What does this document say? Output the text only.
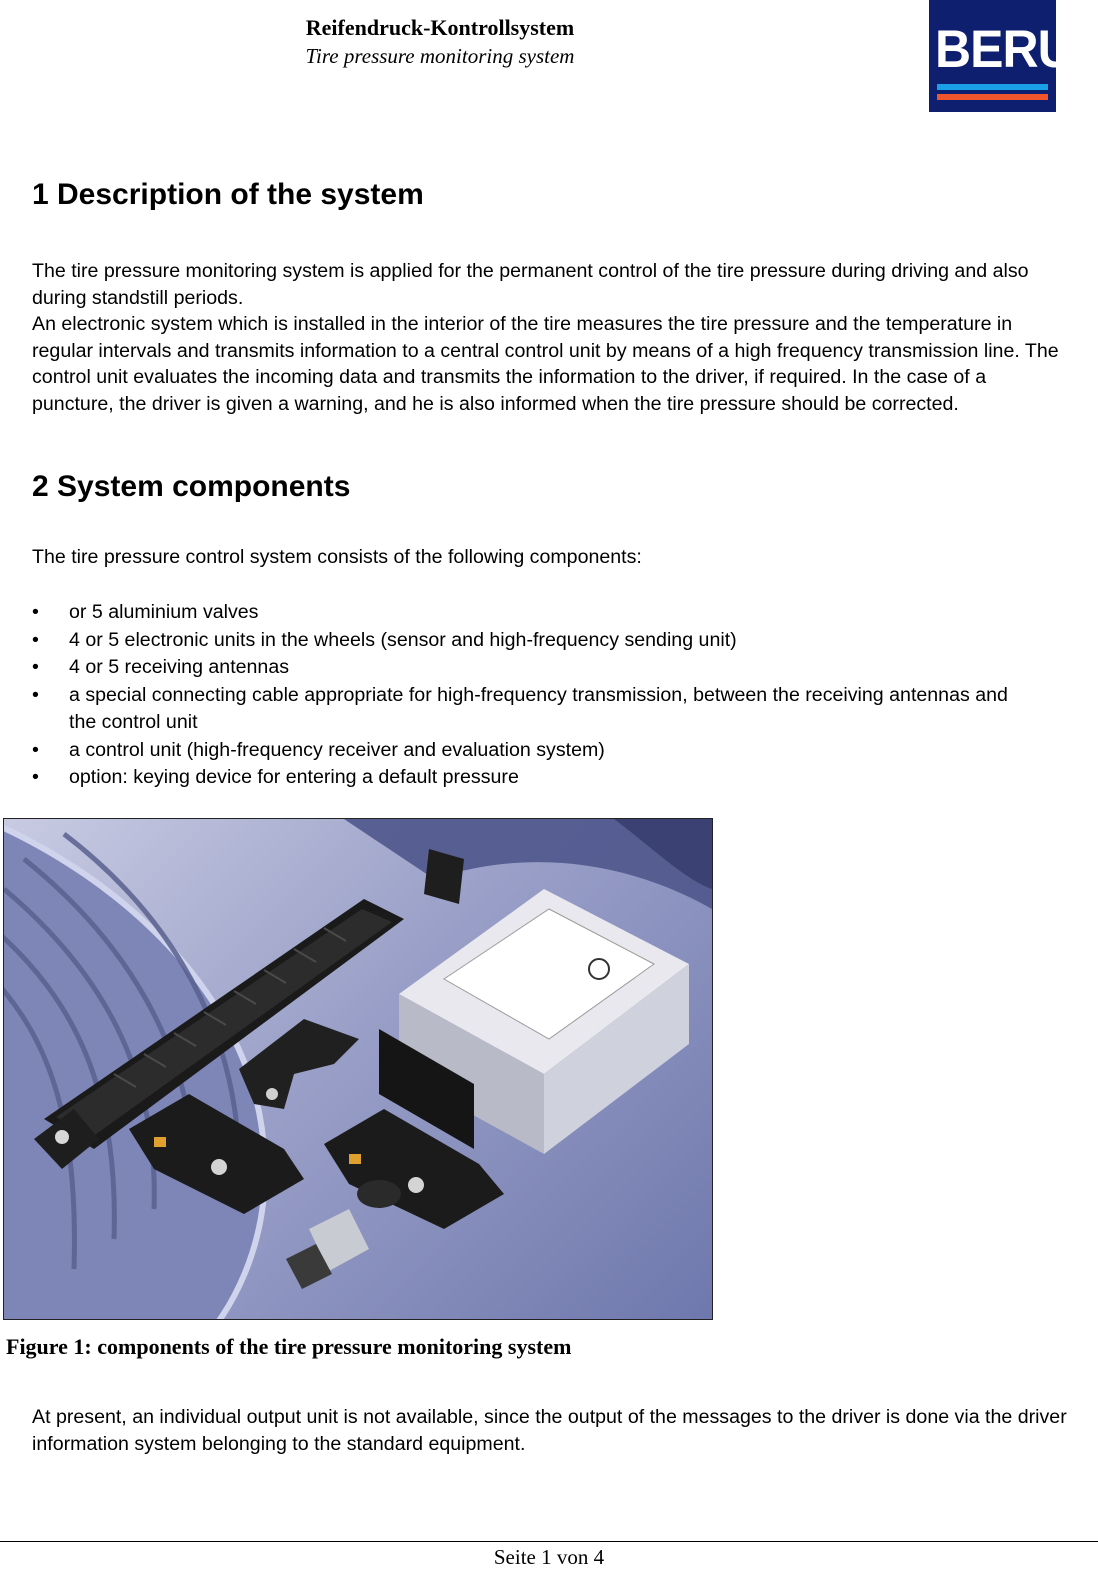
Reifendruck-Kontrollsystem
Tire pressure monitoring system	BERU
1 Description of the system

The tire pressure monitoring system is applied for the permanent control of the tire pressure during driving and also during standstill periods.
An electronic system which is installed in the interior of the tire measures the tire pressure and the temperature in regular intervals and transmits information to a central control unit by means of a high frequency transmission line. The control unit evaluates the incoming data and transmits the information to the driver, if required. In the case of a puncture, the driver is given a warning, and he is also informed when the tire pressure should be corrected.

2 System components

The tire pressure control system consists of the following components:

• or 5 aluminium valves
• 4 or 5 electronic units in the wheels (sensor and high-frequency sending unit)
• 4 or 5 receiving antennas
• a special connecting cable appropriate for high-frequency transmission, between the receiving antennas and the control unit
• a control unit (high-frequency receiver and evaluation system)
• option: keying device for entering a default pressure

Figure 1: components of the tire pressure monitoring system

At present, an individual output unit is not available, since the output of the messages to the driver is done via the driver information system belonging to the standard equipment.

Seite 1 von 4
